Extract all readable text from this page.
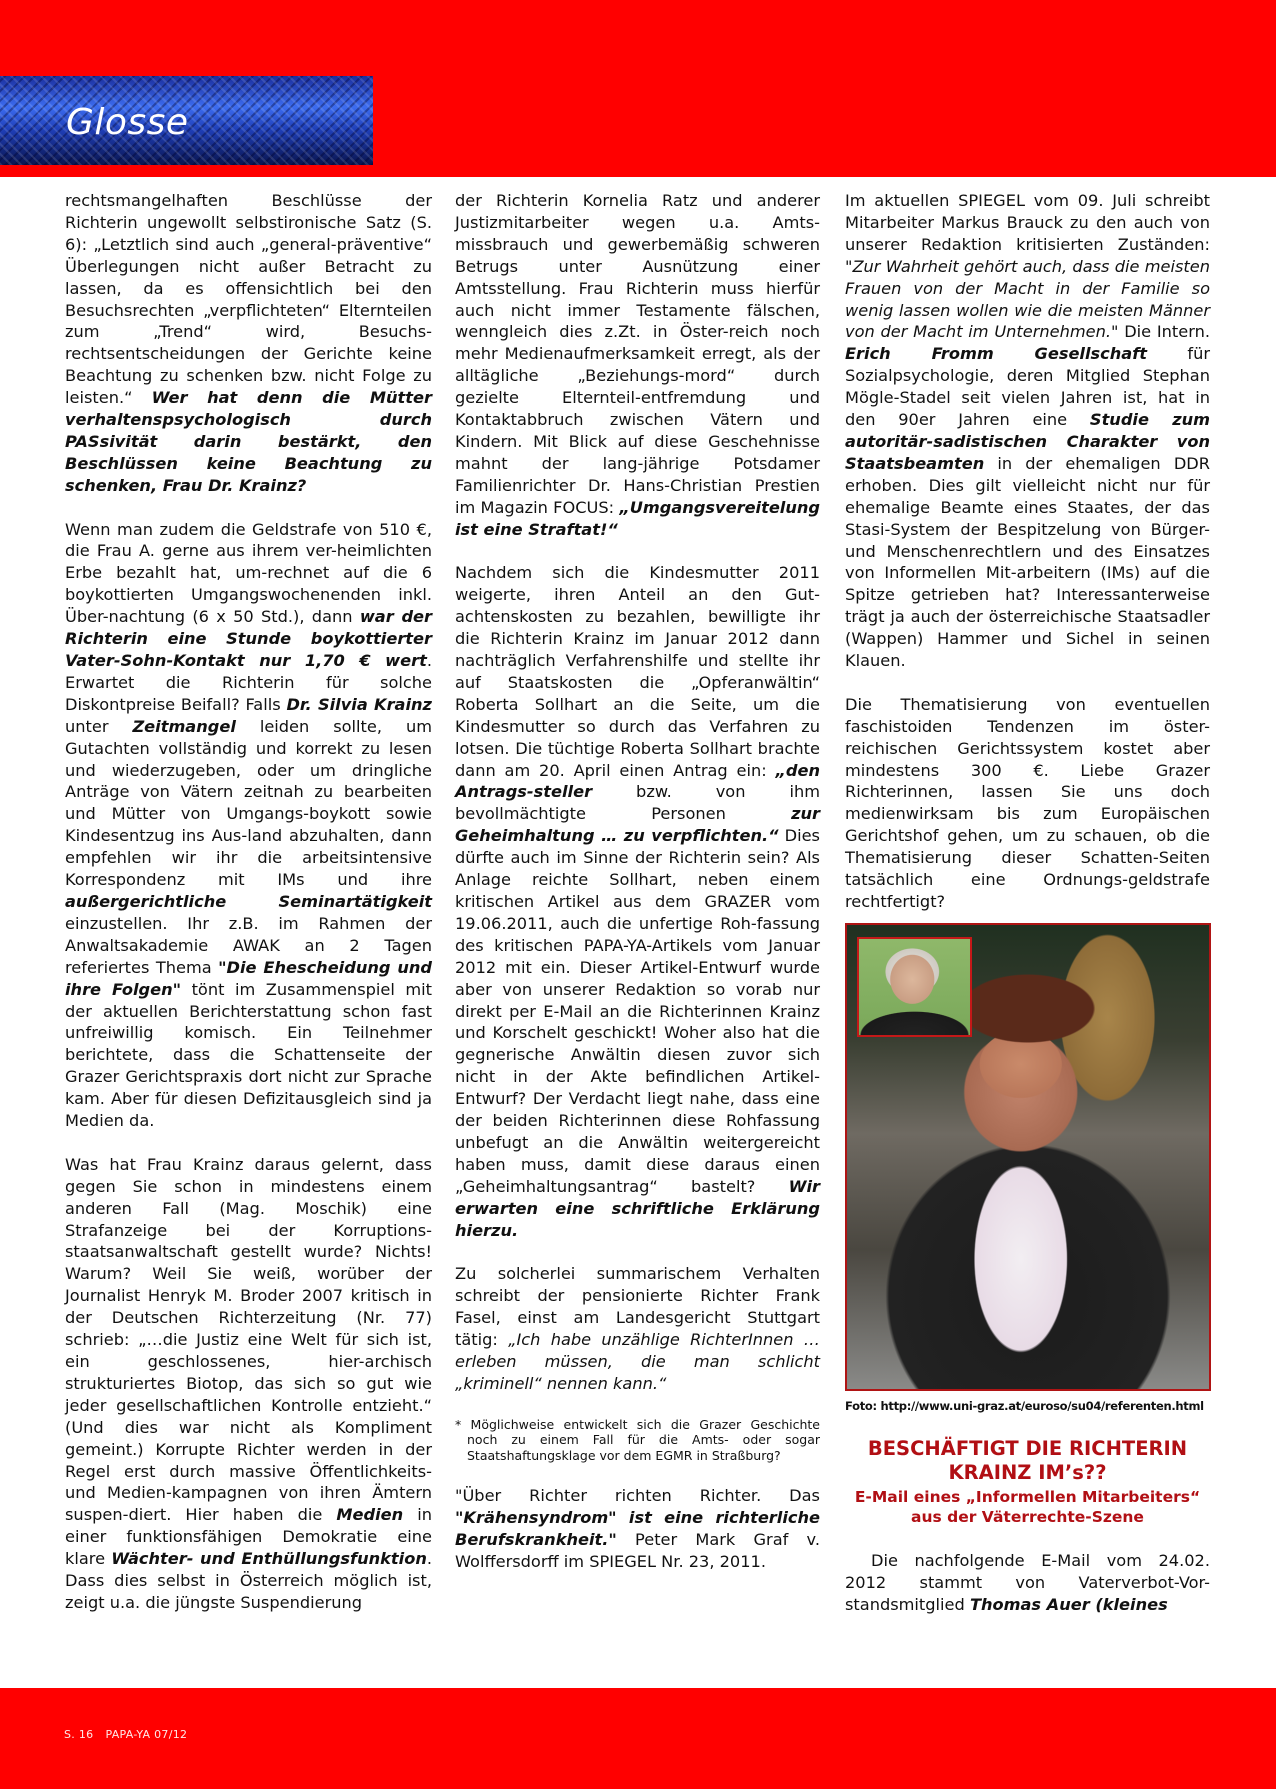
Glosse

rechtsmangelhaften Beschlüsse der Richterin ungewollt selbstironische Satz (S. 6): „Letztlich sind auch „general-präventive“ Überlegungen nicht außer Betracht zu lassen, da es offensichtlich bei den Besuchsrechten „verpflichteten“ Elternteilen zum „Trend“ wird, Besuchs-rechtsentscheidungen der Gerichte keine Beachtung zu schenken bzw. nicht Folge zu leisten.“ Wer hat denn die Mütter verhaltenspsychologisch durch PASsivität darin bestärkt, den Beschlüssen keine Beachtung zu schenken, Frau Dr. Krainz?

Wenn man zudem die Geldstrafe von 510 €, die Frau A. gerne aus ihrem ver-heimlichten Erbe bezahlt hat, um-rechnet auf die 6 boykottierten Umgangswochenenden inkl. Über-nachtung (6 x 50 Std.), dann war der Richterin eine Stunde boykottierter Vater-Sohn-Kontakt nur 1,70 € wert. Erwartet die Richterin für solche Diskontpreise Beifall? Falls Dr. Silvia Krainz unter Zeitmangel leiden sollte, um Gutachten vollständig und korrekt zu lesen und wiederzugeben, oder um dringliche Anträge von Vätern zeitnah zu bearbeiten und Mütter von Umgangs-boykott sowie Kindesentzug ins Aus-land abzuhalten, dann empfehlen wir ihr die arbeitsintensive Korrespondenz mit IMs und ihre außergerichtliche Seminartätigkeit einzustellen. Ihr z.B. im Rahmen der Anwaltsakademie AWAK an 2 Tagen referiertes Thema "Die Ehescheidung und ihre Folgen" tönt im Zusammenspiel mit der aktuellen Berichterstattung schon fast unfreiwillig komisch. Ein Teilnehmer berichtete, dass die Schattenseite der Grazer Gerichtspraxis dort nicht zur Sprache kam. Aber für diesen Defizitausgleich sind ja Medien da.

Was hat Frau Krainz daraus gelernt, dass gegen Sie schon in mindestens einem anderen Fall (Mag. Moschik) eine Strafanzeige bei der Korruptions-staatsanwaltschaft gestellt wurde? Nichts! Warum? Weil Sie weiß, worüber der Journalist Henryk M. Broder 2007 kritisch in der Deutschen Richterzeitung (Nr. 77) schrieb: „…die Justiz eine Welt für sich ist, ein geschlossenes, hier-archisch strukturiertes Biotop, das sich so gut wie jeder gesellschaftlichen Kontrolle entzieht.“ (Und dies war nicht als Kompliment gemeint.) Korrupte Richter werden in der Regel erst durch massive Öffentlichkeits- und Medien-kampagnen von ihren Ämtern suspen-diert. Hier haben die Medien in einer funktionsfähigen Demokratie eine klare Wächter- und Enthüllungsfunktion. Dass dies selbst in Österreich möglich ist, zeigt u.a. die jüngste Suspendierung

der Richterin Kornelia Ratz und anderer Justizmitarbeiter wegen u.a. Amts-missbrauch und gewerbemäßig schweren Betrugs unter Ausnützung einer Amtsstellung. Frau Richterin muss hierfür auch nicht immer Testamente fälschen, wenngleich dies z.Zt. in Öster-reich noch mehr Medienaufmerksamkeit erregt, als der alltägliche „Beziehungs-mord“ durch gezielte Elternteil-entfremdung und Kontaktabbruch zwischen Vätern und Kindern. Mit Blick auf diese Geschehnisse mahnt der lang-jährige Potsdamer Familienrichter Dr. Hans-Christian Prestien im Magazin FOCUS: „Umgangsvereitelung ist eine Straftat!“

Nachdem sich die Kindesmutter 2011 weigerte, ihren Anteil an den Gut-achtenskosten zu bezahlen, bewilligte ihr die Richterin Krainz im Januar 2012 dann nachträglich Verfahrenshilfe und stellte ihr auf Staatskosten die „Opferanwältin“ Roberta Sollhart an die Seite, um die Kindesmutter so durch das Verfahren zu lotsen. Die tüchtige Roberta Sollhart brachte dann am 20. April einen Antrag ein: „den Antrags-steller bzw. von ihm bevollmächtigte Personen zur Geheimhaltung … zu verpflichten.“ Dies dürfte auch im Sinne der Richterin sein? Als Anlage reichte Sollhart, neben einem kritischen Artikel aus dem GRAZER vom 19.06.2011, auch die unfertige Roh-fassung des kritischen PAPA-YA-Artikels vom Januar 2012 mit ein. Dieser Artikel-Entwurf wurde aber von unserer Redaktion so vorab nur direkt per E-Mail an die Richterinnen Krainz und Korschelt geschickt! Woher also hat die gegnerische Anwältin diesen zuvor sich nicht in der Akte befindlichen Artikel-Entwurf? Der Verdacht liegt nahe, dass eine der beiden Richterinnen diese Rohfassung unbefugt an die Anwältin weitergereicht haben muss, damit diese daraus einen „Geheimhaltungsantrag“ bastelt? Wir erwarten eine schriftliche Erklärung hierzu.

Zu solcherlei summarischem Verhalten schreibt der pensionierte Richter Frank Fasel, einst am Landesgericht Stuttgart tätig: „Ich habe unzählige RichterInnen … erleben müssen, die man schlicht „kriminell“ nennen kann.“

* Möglichweise entwickelt sich die Grazer Geschichte noch zu einem Fall für die Amts- oder sogar Staatshaftungsklage vor dem EGMR in Straßburg?

"Über Richter richten Richter. Das "Krähensyndrom" ist eine richterliche Berufskrankheit." Peter Mark Graf v. Wolffersdorff im SPIEGEL Nr. 23, 2011.

Im aktuellen SPIEGEL vom 09. Juli schreibt Mitarbeiter Markus Brauck zu den auch von unserer Redaktion kritisierten Zuständen: "Zur Wahrheit gehört auch, dass die meisten Frauen von der Macht in der Familie so wenig lassen wollen wie die meisten Männer von der Macht im Unternehmen." Die Intern. Erich Fromm Gesellschaft für Sozialpsychologie, deren Mitglied Stephan Mögle-Stadel seit vielen Jahren ist, hat in den 90er Jahren eine Studie zum autoritär-sadistischen Charakter von Staatsbeamten in der ehemaligen DDR erhoben. Dies gilt vielleicht nicht nur für ehemalige Beamte eines Staates, der das Stasi-System der Bespitzelung von Bürger- und Menschenrechtlern und des Einsatzes von Informellen Mit-arbeitern (IMs) auf die Spitze getrieben hat? Interessanterweise trägt ja auch der österreichische Staatsadler (Wappen) Hammer und Sichel in seinen Klauen.

Die Thematisierung von eventuellen faschistoiden Tendenzen im öster-reichischen Gerichtssystem kostet aber mindestens 300 €. Liebe Grazer Richterinnen, lassen Sie uns doch medienwirksam bis zum Europäischen Gerichtshof gehen, um zu schauen, ob die Thematisierung dieser Schatten-Seiten tatsächlich eine Ordnungs-geldstrafe rechtfertigt?

Foto: http://www.uni-graz.at/euroso/su04/referenten.html
BESCHÄFTIGT DIE RICHTERIN KRAINZ IM’s??
E-Mail eines „Informellen Mitarbeiters“ aus der Väterrechte-Szene

Die nachfolgende E-Mail vom 24.02. 2012 stammt von Vaterverbot-Vor-standsmitglied Thomas Auer (kleines

S. 16 PAPA-YA 07/12
